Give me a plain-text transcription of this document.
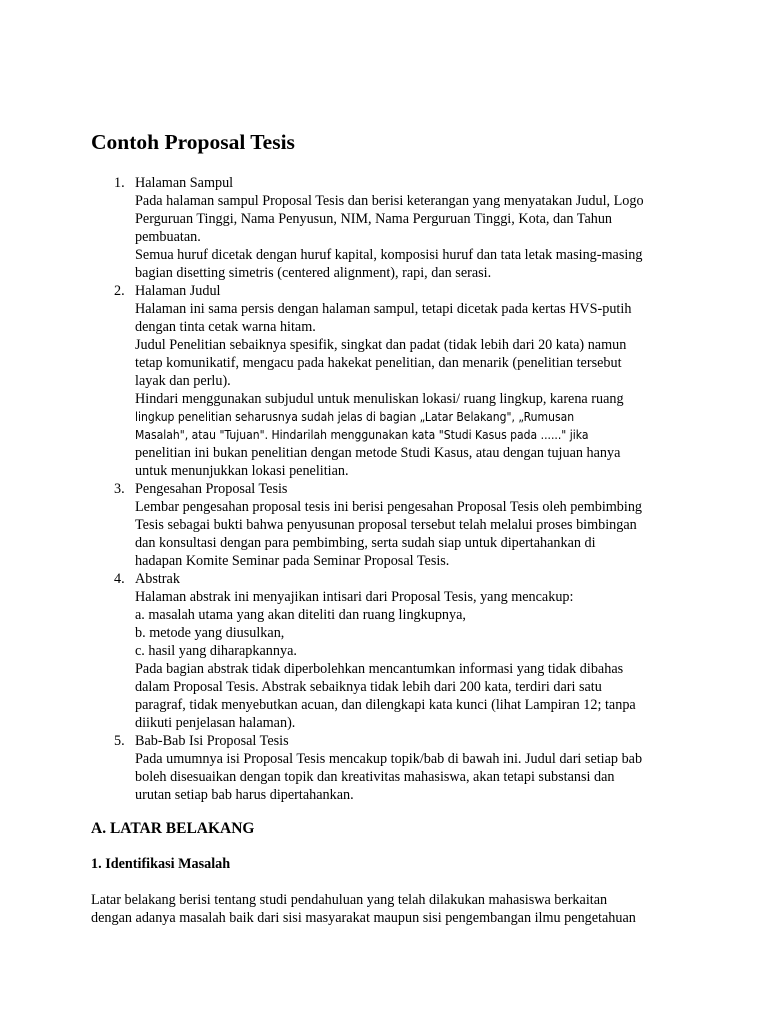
Contoh Proposal Tesis
1. Halaman Sampul
Pada halaman sampul Proposal Tesis dan berisi keterangan yang menyatakan Judul, Logo
Perguruan Tinggi, Nama Penyusun, NIM, Nama Perguruan Tinggi, Kota, dan Tahun
pembuatan.
Semua huruf dicetak dengan huruf kapital, komposisi huruf dan tata letak masing-masing
bagian disetting simetris (centered alignment), rapi, dan serasi.
2. Halaman Judul
Halaman ini sama persis dengan halaman sampul, tetapi dicetak pada kertas HVS-putih
dengan tinta cetak warna hitam.
Judul Penelitian sebaiknya spesifik, singkat dan padat (tidak lebih dari 20 kata) namun
tetap komunikatif, mengacu pada hakekat penelitian, dan menarik (penelitian tersebut
layak dan perlu).
Hindari menggunakan subjudul untuk menuliskan lokasi/ ruang lingkup, karena ruang
lingkup penelitian seharusnya sudah jelas di bagian „Latar Belakang", „Rumusan
Masalah", atau "Tujuan". Hindarilah menggunakan kata "Studi Kasus pada ......" jika
penelitian ini bukan penelitian dengan metode Studi Kasus, atau dengan tujuan hanya
untuk menunjukkan lokasi penelitian.
3. Pengesahan Proposal Tesis
Lembar pengesahan proposal tesis ini berisi pengesahan Proposal Tesis oleh pembimbing
Tesis sebagai bukti bahwa penyusunan proposal tersebut telah melalui proses bimbingan
dan konsultasi dengan para pembimbing, serta sudah siap untuk dipertahankan di
hadapan Komite Seminar pada Seminar Proposal Tesis.
4. Abstrak
Halaman abstrak ini menyajikan intisari dari Proposal Tesis, yang mencakup:
a. masalah utama yang akan diteliti dan ruang lingkupnya,
b. metode yang diusulkan,
c. hasil yang diharapkannya.
Pada bagian abstrak tidak diperbolehkan mencantumkan informasi yang tidak dibahas
dalam Proposal Tesis. Abstrak sebaiknya tidak lebih dari 200 kata, terdiri dari satu
paragraf, tidak menyebutkan acuan, dan dilengkapi kata kunci (lihat Lampiran 12; tanpa
diikuti penjelasan halaman).
5. Bab-Bab Isi Proposal Tesis
Pada umumnya isi Proposal Tesis mencakup topik/bab di bawah ini. Judul dari setiap bab
boleh disesuaikan dengan topik dan kreativitas mahasiswa, akan tetapi substansi dan
urutan setiap bab harus dipertahankan.
A. LATAR BELAKANG
1. Identifikasi Masalah
Latar belakang berisi tentang studi pendahuluan yang telah dilakukan mahasiswa berkaitan
dengan adanya masalah baik dari sisi masyarakat maupun sisi pengembangan ilmu pengetahuan
